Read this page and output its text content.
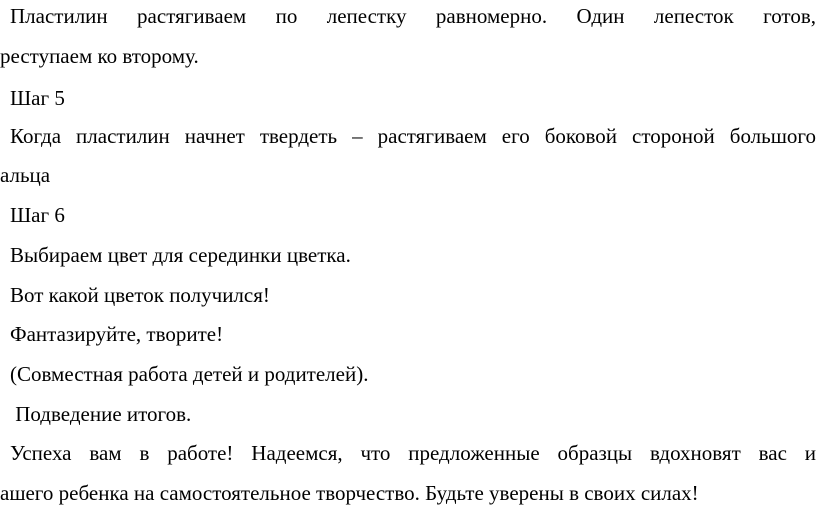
Пластилин растягиваем по лепестку равномерно. Один лепесток готов,

реступаем ко второму.

Шаг 5

Когда пластилин начнет твердеть – растягиваем его боковой стороной большого

альца

Шаг 6

Выбираем цвет для серединки цветка.

Вот какой цветок получился!

Фантазируйте, творите!

(Совместная работа детей и родителей).

Подведение итогов.

Успеха вам в работе! Надеемся, что предложенные образцы вдохновят вас и

ашего ребенка на самостоятельное творчество. Будьте уверены в своих силах!
